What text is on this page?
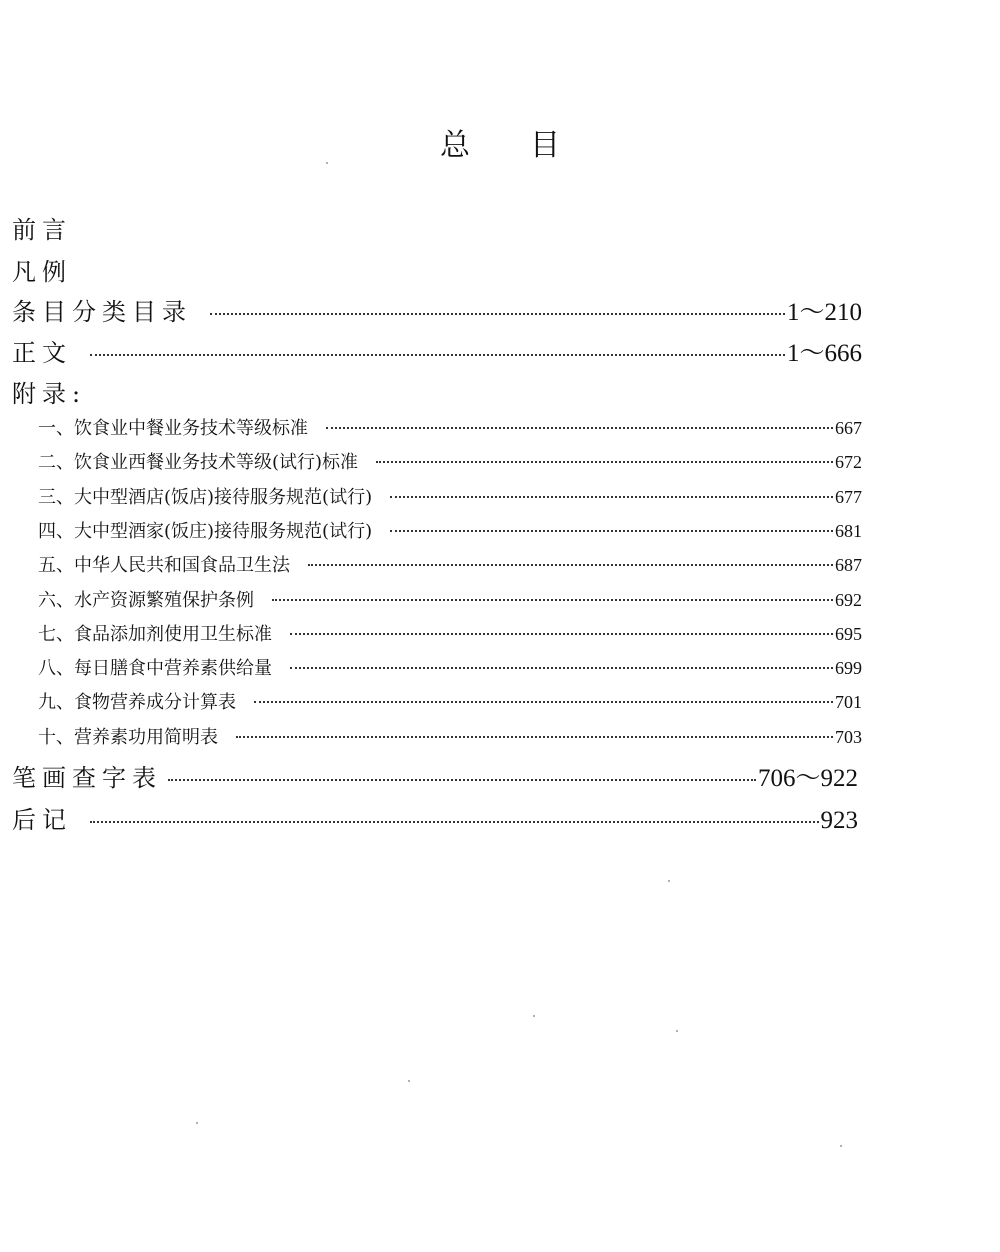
总目
前言
凡例
条目分类目录	1～210
正文	1～666
附录:
一、饮食业中餐业务技术等级标准	667
二、饮食业西餐业务技术等级(试行)标准	672
三、大中型酒店(饭店)接待服务规范(试行)	677
四、大中型酒家(饭庄)接待服务规范(试行)	681
五、中华人民共和国食品卫生法	687
六、水产资源繁殖保护条例	692
七、食品添加剂使用卫生标准	695
八、每日膳食中营养素供给量	699
九、食物营养成分计算表	701
十、营养素功用简明表	703
笔画查字表	706～922
后记	923
